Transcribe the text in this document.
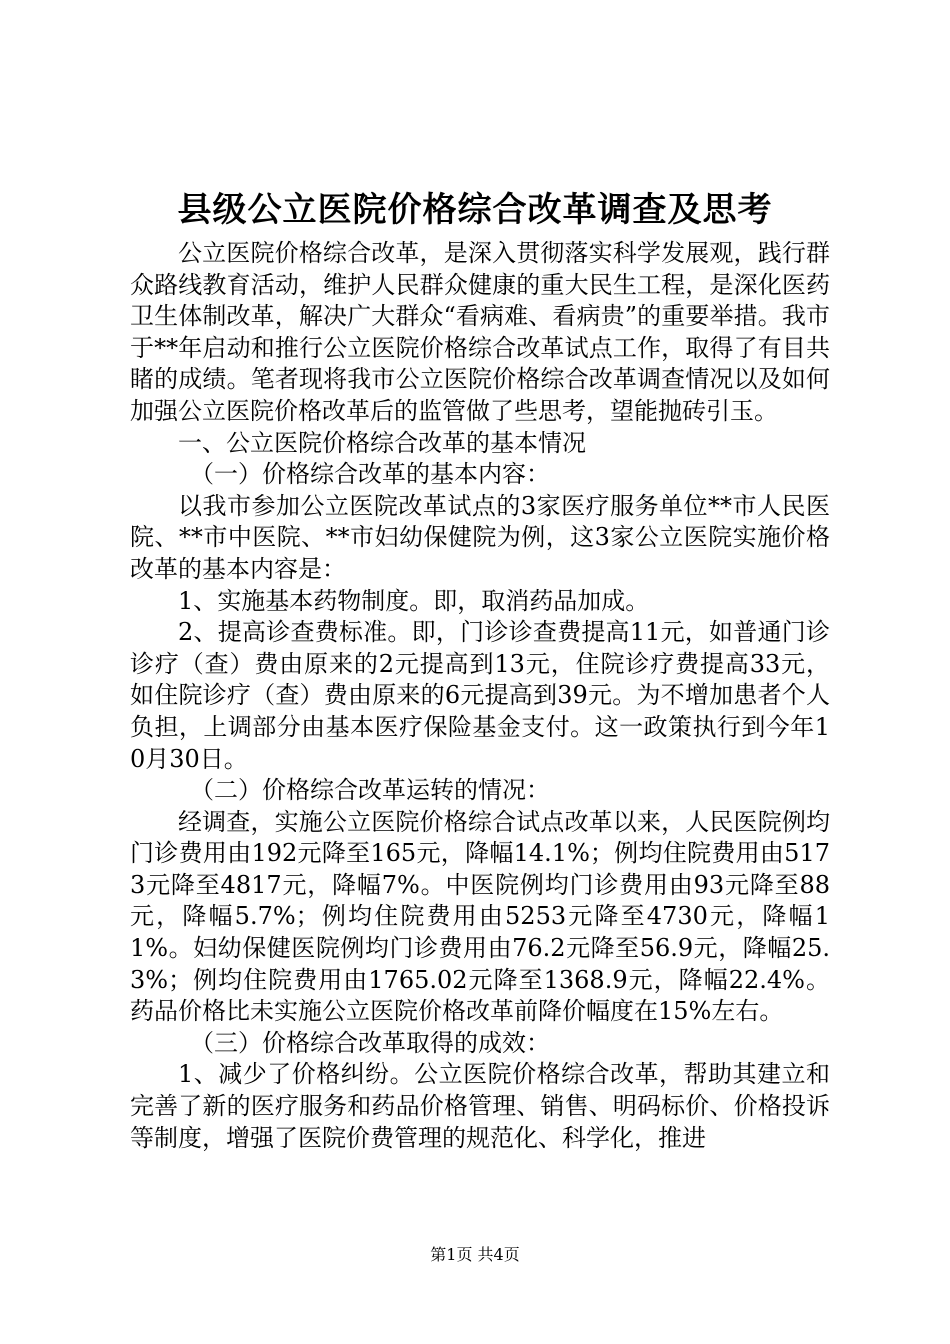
县级公立医院价格综合改革调查及思考

公立医院价格综合改革，是深入贯彻落实科学发展观，践行群众路线教育活动，维护人民群众健康的重大民生工程，是深化医药卫生体制改革，解决广大群众“看病难、看病贵”的重要举措。我市于**年启动和推行公立医院价格综合改革试点工作，取得了有目共睹的成绩。笔者现将我市公立医院价格综合改革调查情况以及如何加强公立医院价格改革后的监管做了些思考，望能抛砖引玉。

一、公立医院价格综合改革的基本情况

（一）价格综合改革的基本内容：

以我市参加公立医院改革试点的3家医疗服务单位**市人民医院、**市中医院、**市妇幼保健院为例，这3家公立医院实施价格改革的基本内容是：

1、实施基本药物制度。即，取消药品加成。

2、提高诊查费标准。即，门诊诊查费提高11元，如普通门诊诊疗（查）费由原来的2元提高到13元，住院诊疗费提高33元，如住院诊疗（查）费由原来的6元提高到39元。为不增加患者个人负担，上调部分由基本医疗保险基金支付。这一政策执行到今年10月30日。

（二）价格综合改革运转的情况：

经调查，实施公立医院价格综合试点改革以来，人民医院例均门诊费用由192元降至165元，降幅14.1%；例均住院费用由5173元降至4817元，降幅7%。中医院例均门诊费用由93元降至88元，降幅5.7%；例均住院费用由5253元降至4730元，降幅11%。妇幼保健医院例均门诊费用由76.2元降至56.9元，降幅25.3%；例均住院费用由1765.02元降至1368.9元，降幅22.4%。药品价格比未实施公立医院价格改革前降价幅度在15%左右。

（三）价格综合改革取得的成效：

1、减少了价格纠纷。公立医院价格综合改革，帮助其建立和完善了新的医疗服务和药品价格管理、销售、明码标价、价格投诉等制度，增强了医院价费管理的规范化、科学化，推进

第1页 共4页
